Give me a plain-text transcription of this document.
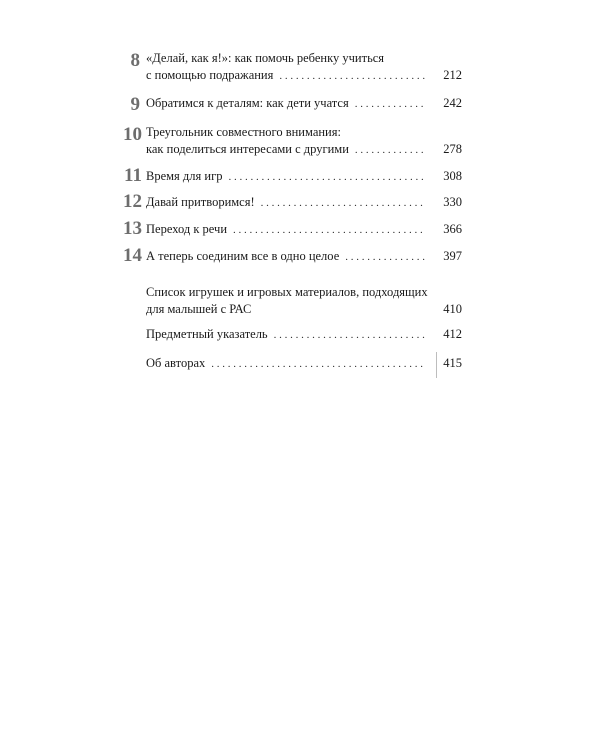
8 «Делай, как я!»: как помочь ребенку учиться
с помощью подражания . . .	212
9 Обратимся к деталям: как дети учатся . . .	242
10 Треугольник совместного внимания:
как поделиться интересами с другими . . .	278
11 Время для игр . . .	308
12 Давай притворимся! . . .	330
13 Переход к речи . . .	366
14 А теперь соединим все в одно целое . . .	397
Список игрушек и игровых материалов, подходящих
для малышей с РАС	410
Предметный указатель . . .	412
Об авторах . . .	415
